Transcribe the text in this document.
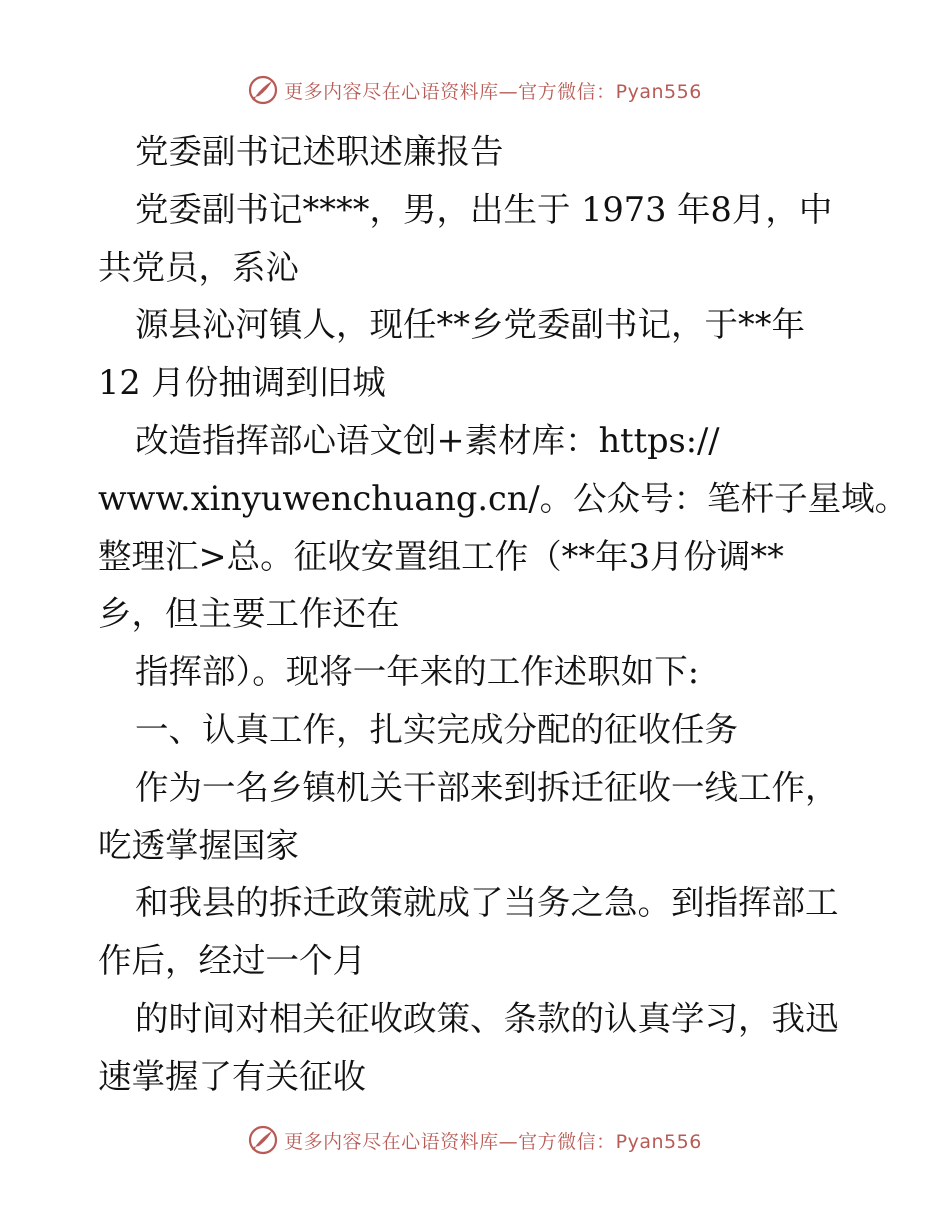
更多内容尽在心语资料库—官方微信：Pyan556
党委副书记述职述廉报告
党委副书记****，男，出生于 1973 年8月，中
共党员，系沁
源县沁河镇人，现任**乡党委副书记，于**年
12 月份抽调到旧城
改造指挥部心语文创+素材库：https://
www.xinyuwenchuang.cn/。公众号：笔杆子星域。
整理汇>总。征收安置组工作（**年3月份调**
乡，但主要工作还在
指挥部）。现将一年来的工作述职如下:
一、认真工作，扎实完成分配的征收任务
作为一名乡镇机关干部来到拆迁征收一线工作，
吃透掌握国家
和我县的拆迁政策就成了当务之急。到指挥部工
作后，经过一个月
的时间对相关征收政策、条款的认真学习，我迅
速掌握了有关征收
更多内容尽在心语资料库—官方微信：Pyan556
